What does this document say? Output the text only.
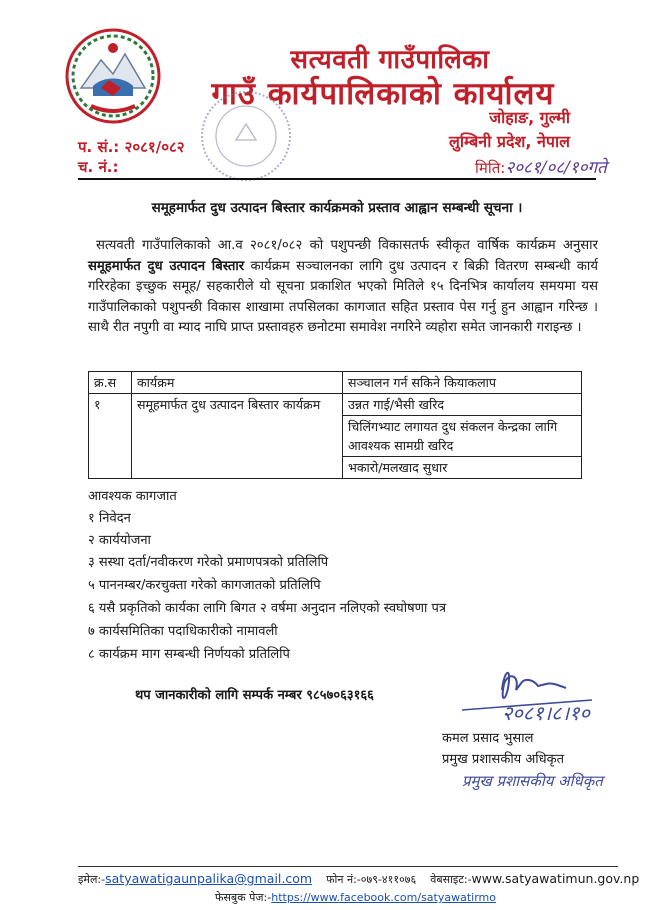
सत्यवती गाउँपालिका
गाउँ कार्यपालिकाको कार्यालय
जोहाङ, गुल्मी
लुम्बिनी प्रदेश, नेपाल
प. सं.: २०८१/०८२
च. नं.:	मिति:२०८१/०८/१०गते
समूहमार्फत दुध उत्पादन बिस्तार कार्यक्रमको प्रस्ताव आह्वान सम्बन्धी सूचना ।
सत्यवती गाउँपालिकाको आ.व २०८१/०८२ को पशुपन्छी विकासतर्फ स्वीकृत वार्षिक कार्यक्रम अनुसार समूहमार्फत दुध उत्पादन बिस्तार कार्यक्रम सञ्चालनका लागि दुध उत्पादन र बिक्री वितरण सम्बन्धी कार्य गरिरहेका इच्छुक समूह/ सहकारीले यो सूचना प्रकाशित भएको मितिले १५ दिनभित्र कार्यालय समयमा यस गाउँपालिकाको पशुपन्छी विकास शाखामा तपसिलका कागजात सहित प्रस्ताव पेस गर्नु हुन आह्वान गरिन्छ । साथै रीत नपुगी वा म्याद नाघि प्राप्त प्रस्तावहरु छनोटमा समावेश नगरिने व्यहोरा समेत जानकारी गराइन्छ ।
क्र.स	कार्यक्रम	सञ्चालन गर्न सकिने कियाकलाप
१	समूहमार्फत दुध उत्पादन बिस्तार कार्यक्रम	उन्नत गाई/भैसी खरिद
		चिलिंगभ्याट लगायत दुध संकलन केन्द्रका लागि आवश्यक सामग्री खरिद
		भकारो/मलखाद सुधार
आवश्यक कागजात
१ निवेदन
२ कार्ययोजना
३ सस्था दर्ता/नवीकरण गरेको प्रमाणपत्रको प्रतिलिपि
५ पाननम्बर/करचुक्ता गरेको कागजातको प्रतिलिपि
६ यसै प्रकृतिको कार्यका लागि बिगत २ वर्षमा अनुदान नलिएको स्वघोषणा पत्र
७ कार्यसमितिका पदाधिकारीको नामावली
८ कार्यक्रम माग सम्बन्धी निर्णयको प्रतिलिपि
थप जानकारीको लागि सम्पर्क नम्बर ९८५७०६३१६६
२०८१।८।१०
कमल प्रसाद भुसाल
प्रमुख प्रशासकीय अधिकृत
प्रमुख प्रशासकीय अधिकृत
इमेल:-satyawatigaunpalika@gmail.com फोन नं:-०७९-४११०७६ वेबसाइट:-www.satyawatimun.gov.np
फेसबुक पेज:-https://www.facebook.com/satyawatirmo
